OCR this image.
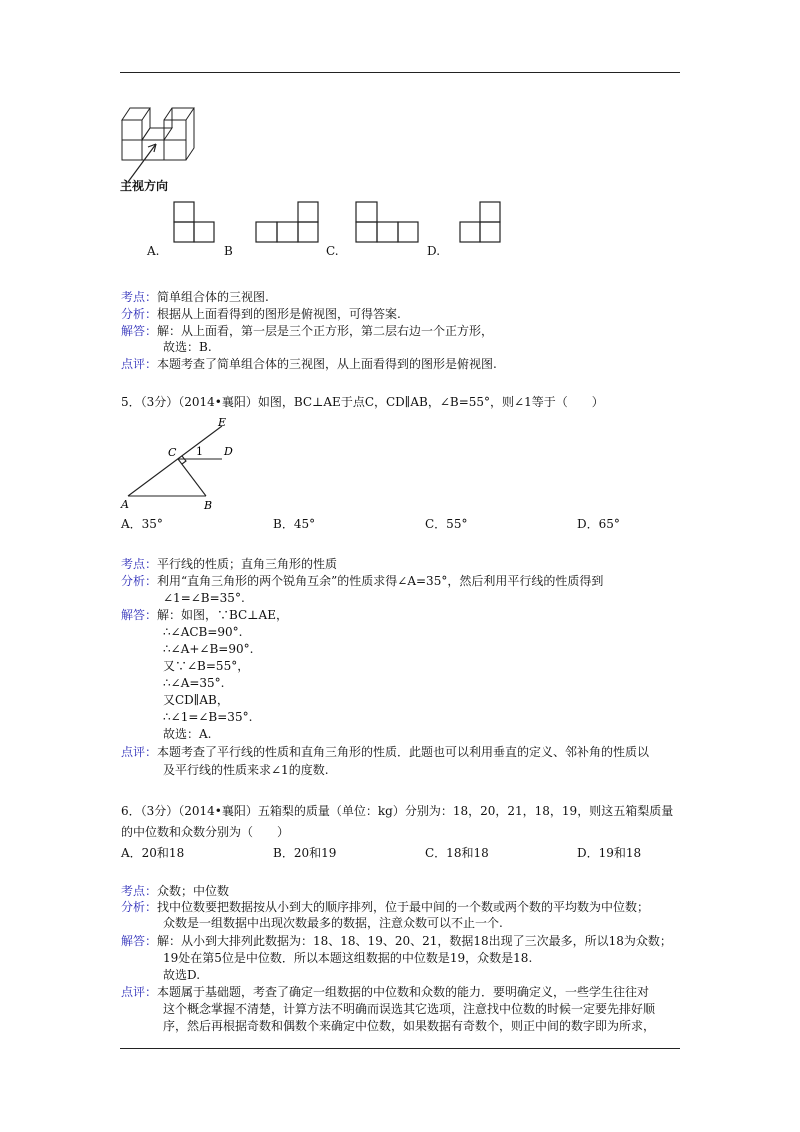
主视方向
A.	B	C.	D.
考点：简单组合体的三视图.
分析：根据从上面看得到的图形是俯视图，可得答案.
解答：解：从上面看，第一层是三个正方形，第二层右边一个正方形，
故选：B.
点评：本题考查了简单组合体的三视图，从上面看得到的图形是俯视图.
5．（3分）（2014•襄阳）如图，BC⊥AE于点C，CD∥AB，∠B=55°，则∠1等于（　　）
E
C 1 D
A	B
A．35°	B．45°	C．55°	D．65°
考点：平行线的性质；直角三角形的性质
分析：利用“直角三角形的两个锐角互余”的性质求得∠A=35°，然后利用平行线的性质得到
∠1=∠B=35°.
解答：解：如图，∵BC⊥AE，
∴∠ACB=90°.
∴∠A+∠B=90°.
又∵∠B=55°，
∴∠A=35°.
又CD∥AB，
∴∠1=∠B=35°.
故选：A.
点评：本题考查了平行线的性质和直角三角形的性质．此题也可以利用垂直的定义、邻补角的性质以
及平行线的性质来求∠1的度数.
6．（3分）（2014•襄阳）五箱梨的质量（单位：kg）分别为：18，20，21，18，19，则这五箱梨质量
的中位数和众数分别为（　　）
A．20和18	B．20和19	C．18和18	D．19和18
考点：众数；中位数
分析：找中位数要把数据按从小到大的顺序排列，位于最中间的一个数或两个数的平均数为中位数；
众数是一组数据中出现次数最多的数据，注意众数可以不止一个.
解答：解：从小到大排列此数据为：18、18、19、20、21，数据18出现了三次最多，所以18为众数；
19处在第5位是中位数．所以本题这组数据的中位数是19，众数是18.
故选D.
点评：本题属于基础题，考查了确定一组数据的中位数和众数的能力．要明确定义，一些学生往往对
这个概念掌握不清楚，计算方法不明确而误选其它选项，注意找中位数的时候一定要先排好顺
序，然后再根据奇数和偶数个来确定中位数，如果数据有奇数个，则正中间的数字即为所求，
